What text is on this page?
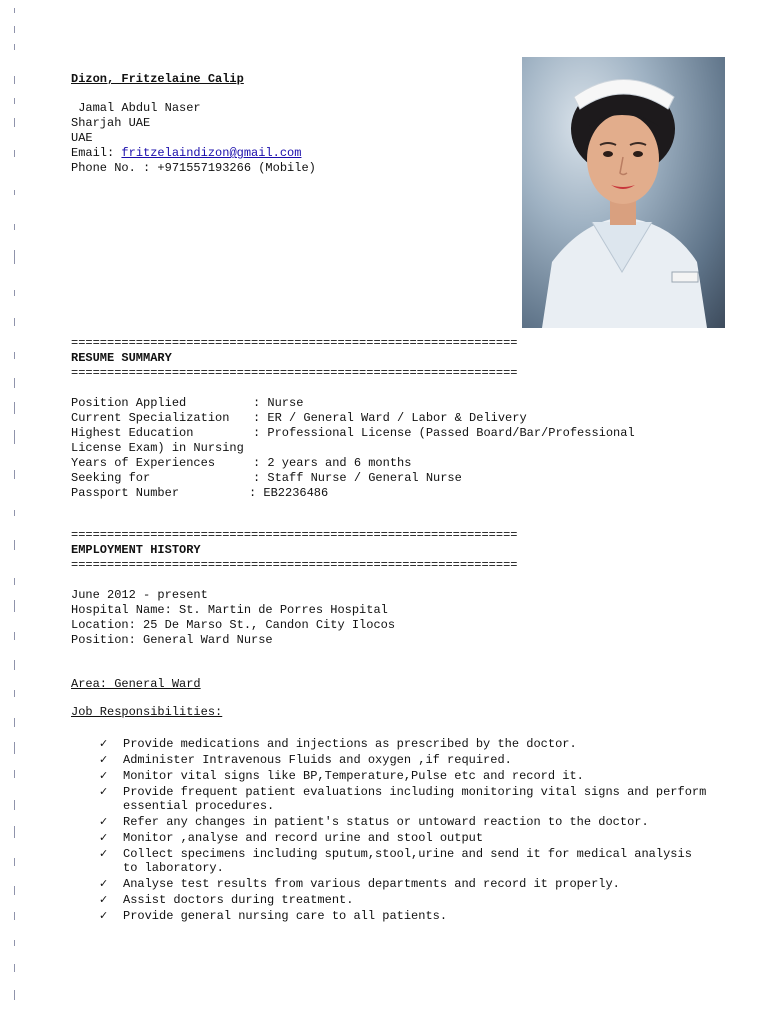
Dizon, Fritzelaine Calip
Jamal Abdul Naser
Sharjah UAE
UAE
Email: fritzelaindizon@gmail.com
Phone No. : +971557193266 (Mobile)
==============================================================
RESUME SUMMARY
==============================================================
Position Applied	: Nurse
Current Specialization	: ER / General Ward / Labor & Delivery
Highest Education	: Professional License (Passed Board/Bar/Professional
License Exam) in Nursing
Years of Experiences	: 2 years and 6 months
Seeking for	: Staff Nurse / General Nurse
Passport Number	: EB2236486
==============================================================
EMPLOYMENT HISTORY
==============================================================
June 2012 - present
Hospital Name: St. Martin de Porres Hospital
Location: 25 De Marso St., Candon City Ilocos
Position: General Ward Nurse
Area: General Ward
Job Responsibilities:
✓ Provide medications and injections as prescribed by the doctor.
✓ Administer Intravenous Fluids and oxygen ,if required.
✓ Monitor vital signs like BP,Temperature,Pulse etc and record it.
✓ Provide frequent patient evaluations including monitoring vital signs and perform essential procedures.
✓ Refer any changes in patient's status or untoward reaction to the doctor.
✓ Monitor ,analyse and record urine and stool output
✓ Collect specimens including sputum,stool,urine and send it for medical analysis to laboratory.
✓ Analyse test results from various departments and record it properly.
✓ Assist doctors during treatment.
✓ Provide general nursing care to all patients.
